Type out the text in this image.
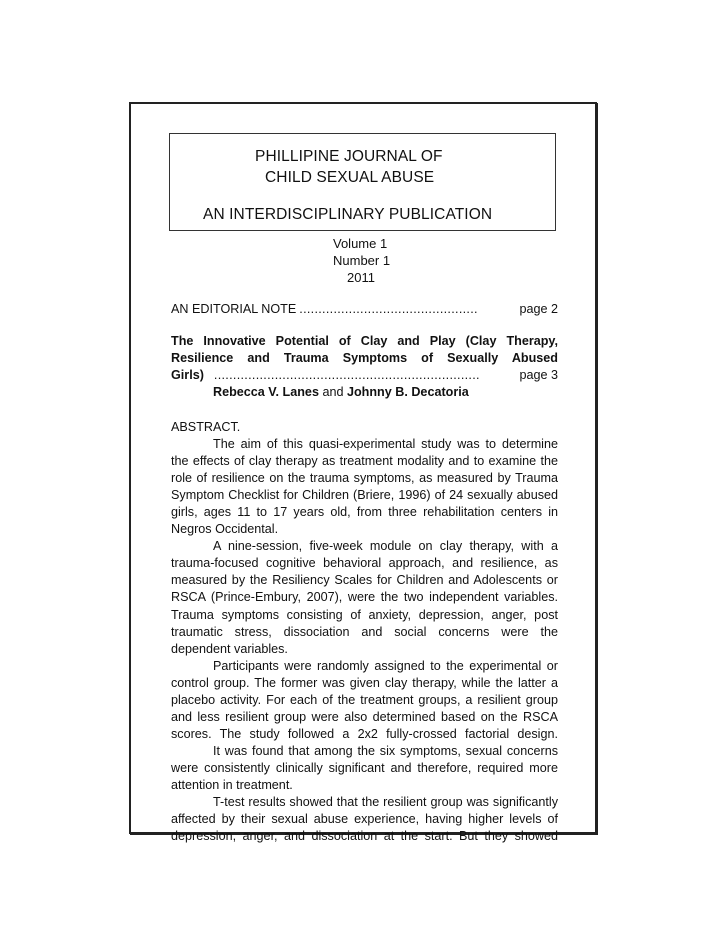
PHILLIPINE JOURNAL OF
CHILD SEXUAL ABUSE
AN INTERDISCIPLINARY PUBLICATION
Volume 1
Number 1
2011
AN EDITORIAL NOTE ...............................................	page 2
The Innovative Potential of Clay and Play (Clay Therapy,
Resilience and Trauma Symptoms of Sexually Abused
Girls) ......................................................................	page 3
Rebecca V. Lanes and Johnny B. Decatoria
ABSTRACT.
The aim of this quasi-experimental study was to determine
the effects of clay therapy as treatment modality and to examine the
role of resilience on the trauma symptoms, as measured by Trauma
Symptom Checklist for Children (Briere, 1996) of 24 sexually abused
girls, ages 11 to 17 years old, from three rehabilitation centers in
Negros Occidental.
A nine-session, five-week module on clay therapy, with a
trauma-focused cognitive behavioral approach, and resilience, as
measured by the Resiliency Scales for Children and Adolescents or
RSCA (Prince-Embury, 2007), were the two independent variables.
Trauma symptoms consisting of anxiety, depression, anger, post
traumatic stress, dissociation and social concerns were the
dependent variables.
Participants were randomly assigned to the experimental or
control group. The former was given clay therapy, while the latter a
placebo activity. For each of the treatment groups, a resilient group
and less resilient group were also determined based on the RSCA
scores. The study followed a 2x2 fully-crossed factorial design.
It was found that among the six symptoms, sexual concerns
were consistently clinically significant and therefore, required more
attention in treatment.
T-test results showed that the resilient group was significantly
affected by their sexual abuse experience, having higher levels of
depression, anger, and dissociation at the start. But they showed
